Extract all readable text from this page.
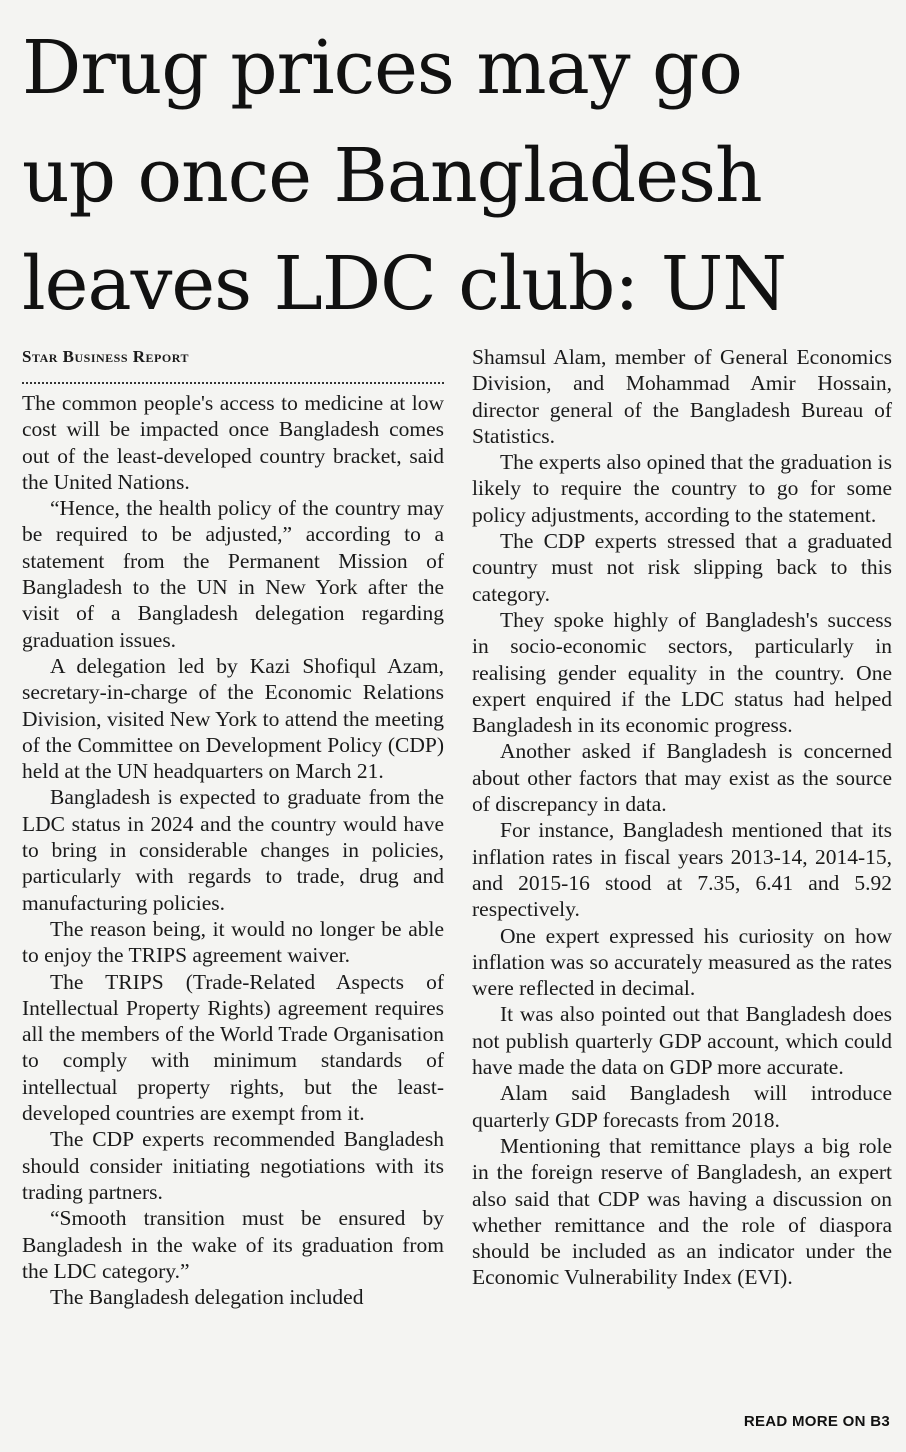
Drug prices may go
up once Bangladesh
leaves LDC club: UN
Star Business Report

The common people's access to medicine at low cost will be impacted once Bangladesh comes out of the least-developed country bracket, said the United Nations.

“Hence, the health policy of the country may be required to be adjusted,” according to a statement from the Permanent Mission of Bangladesh to the UN in New York after the visit of a Bangladesh delegation regarding graduation issues.

A delegation led by Kazi Shofiqul Azam, secretary-in-charge of the Economic Relations Division, visited New York to attend the meeting of the Committee on Development Policy (CDP) held at the UN headquarters on March 21.

Bangladesh is expected to graduate from the LDC status in 2024 and the country would have to bring in considerable changes in policies, particularly with regards to trade, drug and manufacturing policies.

The reason being, it would no longer be able to enjoy the TRIPS agreement waiver.

The TRIPS (Trade-Related Aspects of Intellectual Property Rights) agreement requires all the members of the World Trade Organisation to comply with minimum standards of intellectual property rights, but the least-developed countries are exempt from it.

The CDP experts recommended Bangladesh should consider initiating negotiations with its trading partners.

“Smooth transition must be ensured by Bangladesh in the wake of its graduation from the LDC category.”

The Bangladesh delegation included

Shamsul Alam, member of General Economics Division, and Mohammad Amir Hossain, director general of the Bangladesh Bureau of Statistics.

The experts also opined that the graduation is likely to require the country to go for some policy adjustments, according to the statement.

The CDP experts stressed that a graduated country must not risk slipping back to this category.

They spoke highly of Bangladesh's success in socio-economic sectors, particularly in realising gender equality in the country. One expert enquired if the LDC status had helped Bangladesh in its economic progress.

Another asked if Bangladesh is concerned about other factors that may exist as the source of discrepancy in data.

For instance, Bangladesh mentioned that its inflation rates in fiscal years 2013-14, 2014-15, and 2015-16 stood at 7.35, 6.41 and 5.92 respectively.

One expert expressed his curiosity on how inflation was so accurately measured as the rates were reflected in decimal.

It was also pointed out that Bangladesh does not publish quarterly GDP account, which could have made the data on GDP more accurate.

Alam said Bangladesh will introduce quarterly GDP forecasts from 2018.

Mentioning that remittance plays a big role in the foreign reserve of Bangladesh, an expert also said that CDP was having a discussion on whether remittance and the role of diaspora should be included as an indicator under the Economic Vulnerability Index (EVI).

READ MORE ON B3
